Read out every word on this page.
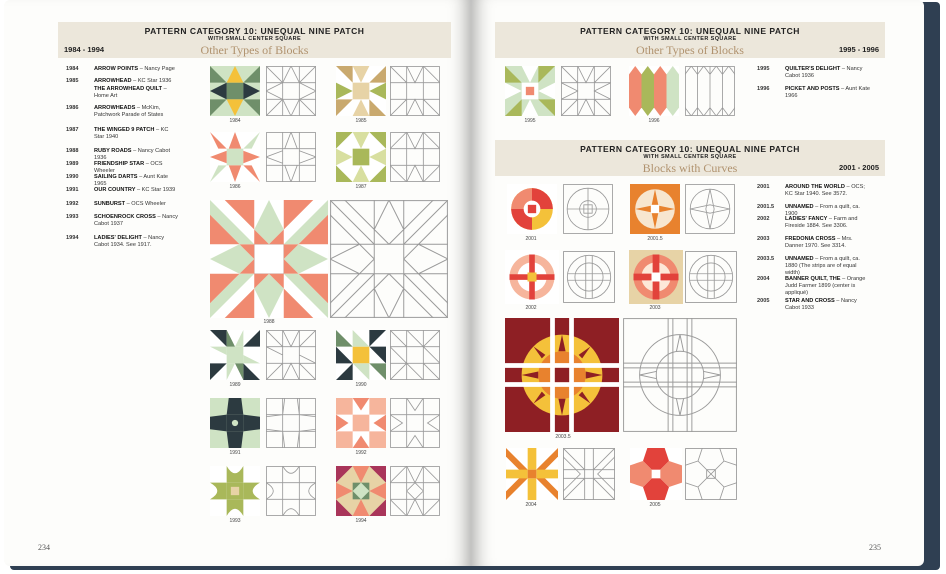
PATTERN CATEGORY 10: UNEQUAL NINE PATCH
WITH SMALL CENTER SQUARE
Other Types of Blocks
1984 - 1994
1984	ARROW POINTS – Nancy Page
1985	ARROWHEAD – KC Star 1936
THE ARROWHEAD QUILT – Home Art
1986	ARROWHEADS – McKim, Patchwork Parade of States
1987	THE WINGED 9 PATCH – KC Star 1940
1988	RUBY ROADS – Nancy Cabot 1936
1989	FRIENDSHIP STAR – OCS Wheeler
1990	SAILING DARTS – Aunt Kate 1965
1991	OUR COUNTRY – KC Star 1939
1992	SUNBURST – OCS Wheeler
1993	SCHOENROCK CROSS – Nancy Cabot 1937
1994	LADIES' DELIGHT – Nancy Cabot 1934. See 1917.
1984	1985
1986	1987
1988
1989	1990
1991	1992
1993	1994
234
PATTERN CATEGORY 10: UNEQUAL NINE PATCH
WITH SMALL CENTER SQUARE
Other Types of Blocks	1995 - 1996
1995	1996
1995	QUILTER'S DELIGHT – Nancy Cabot 1936
1996	PICKET AND POSTS – Aunt Kate 1966
PATTERN CATEGORY 10: UNEQUAL NINE PATCH
WITH SMALL CENTER SQUARE
Blocks with Curves	2001 - 2005
2001	2001.5
2002	2003
2003.5
2004	2005
2001	AROUND THE WORLD – OCS; KC Star 1940. See 3572.
2001.5 UNNAMED – From a quilt, ca. 1900
2002	LADIES' FANCY – Farm and Fireside 1884. See 3306.
2003	FREDONIA CROSS – Mrs. Danner 1970. See 3314.
2003.5 UNNAMED – From a quilt, ca. 1880 (The strips are of equal width)
2004	BANNER QUILT, THE – Orange Judd Farmer 1899 (center is appliqué)
2005	STAR AND CROSS – Nancy Cabot 1933
235
